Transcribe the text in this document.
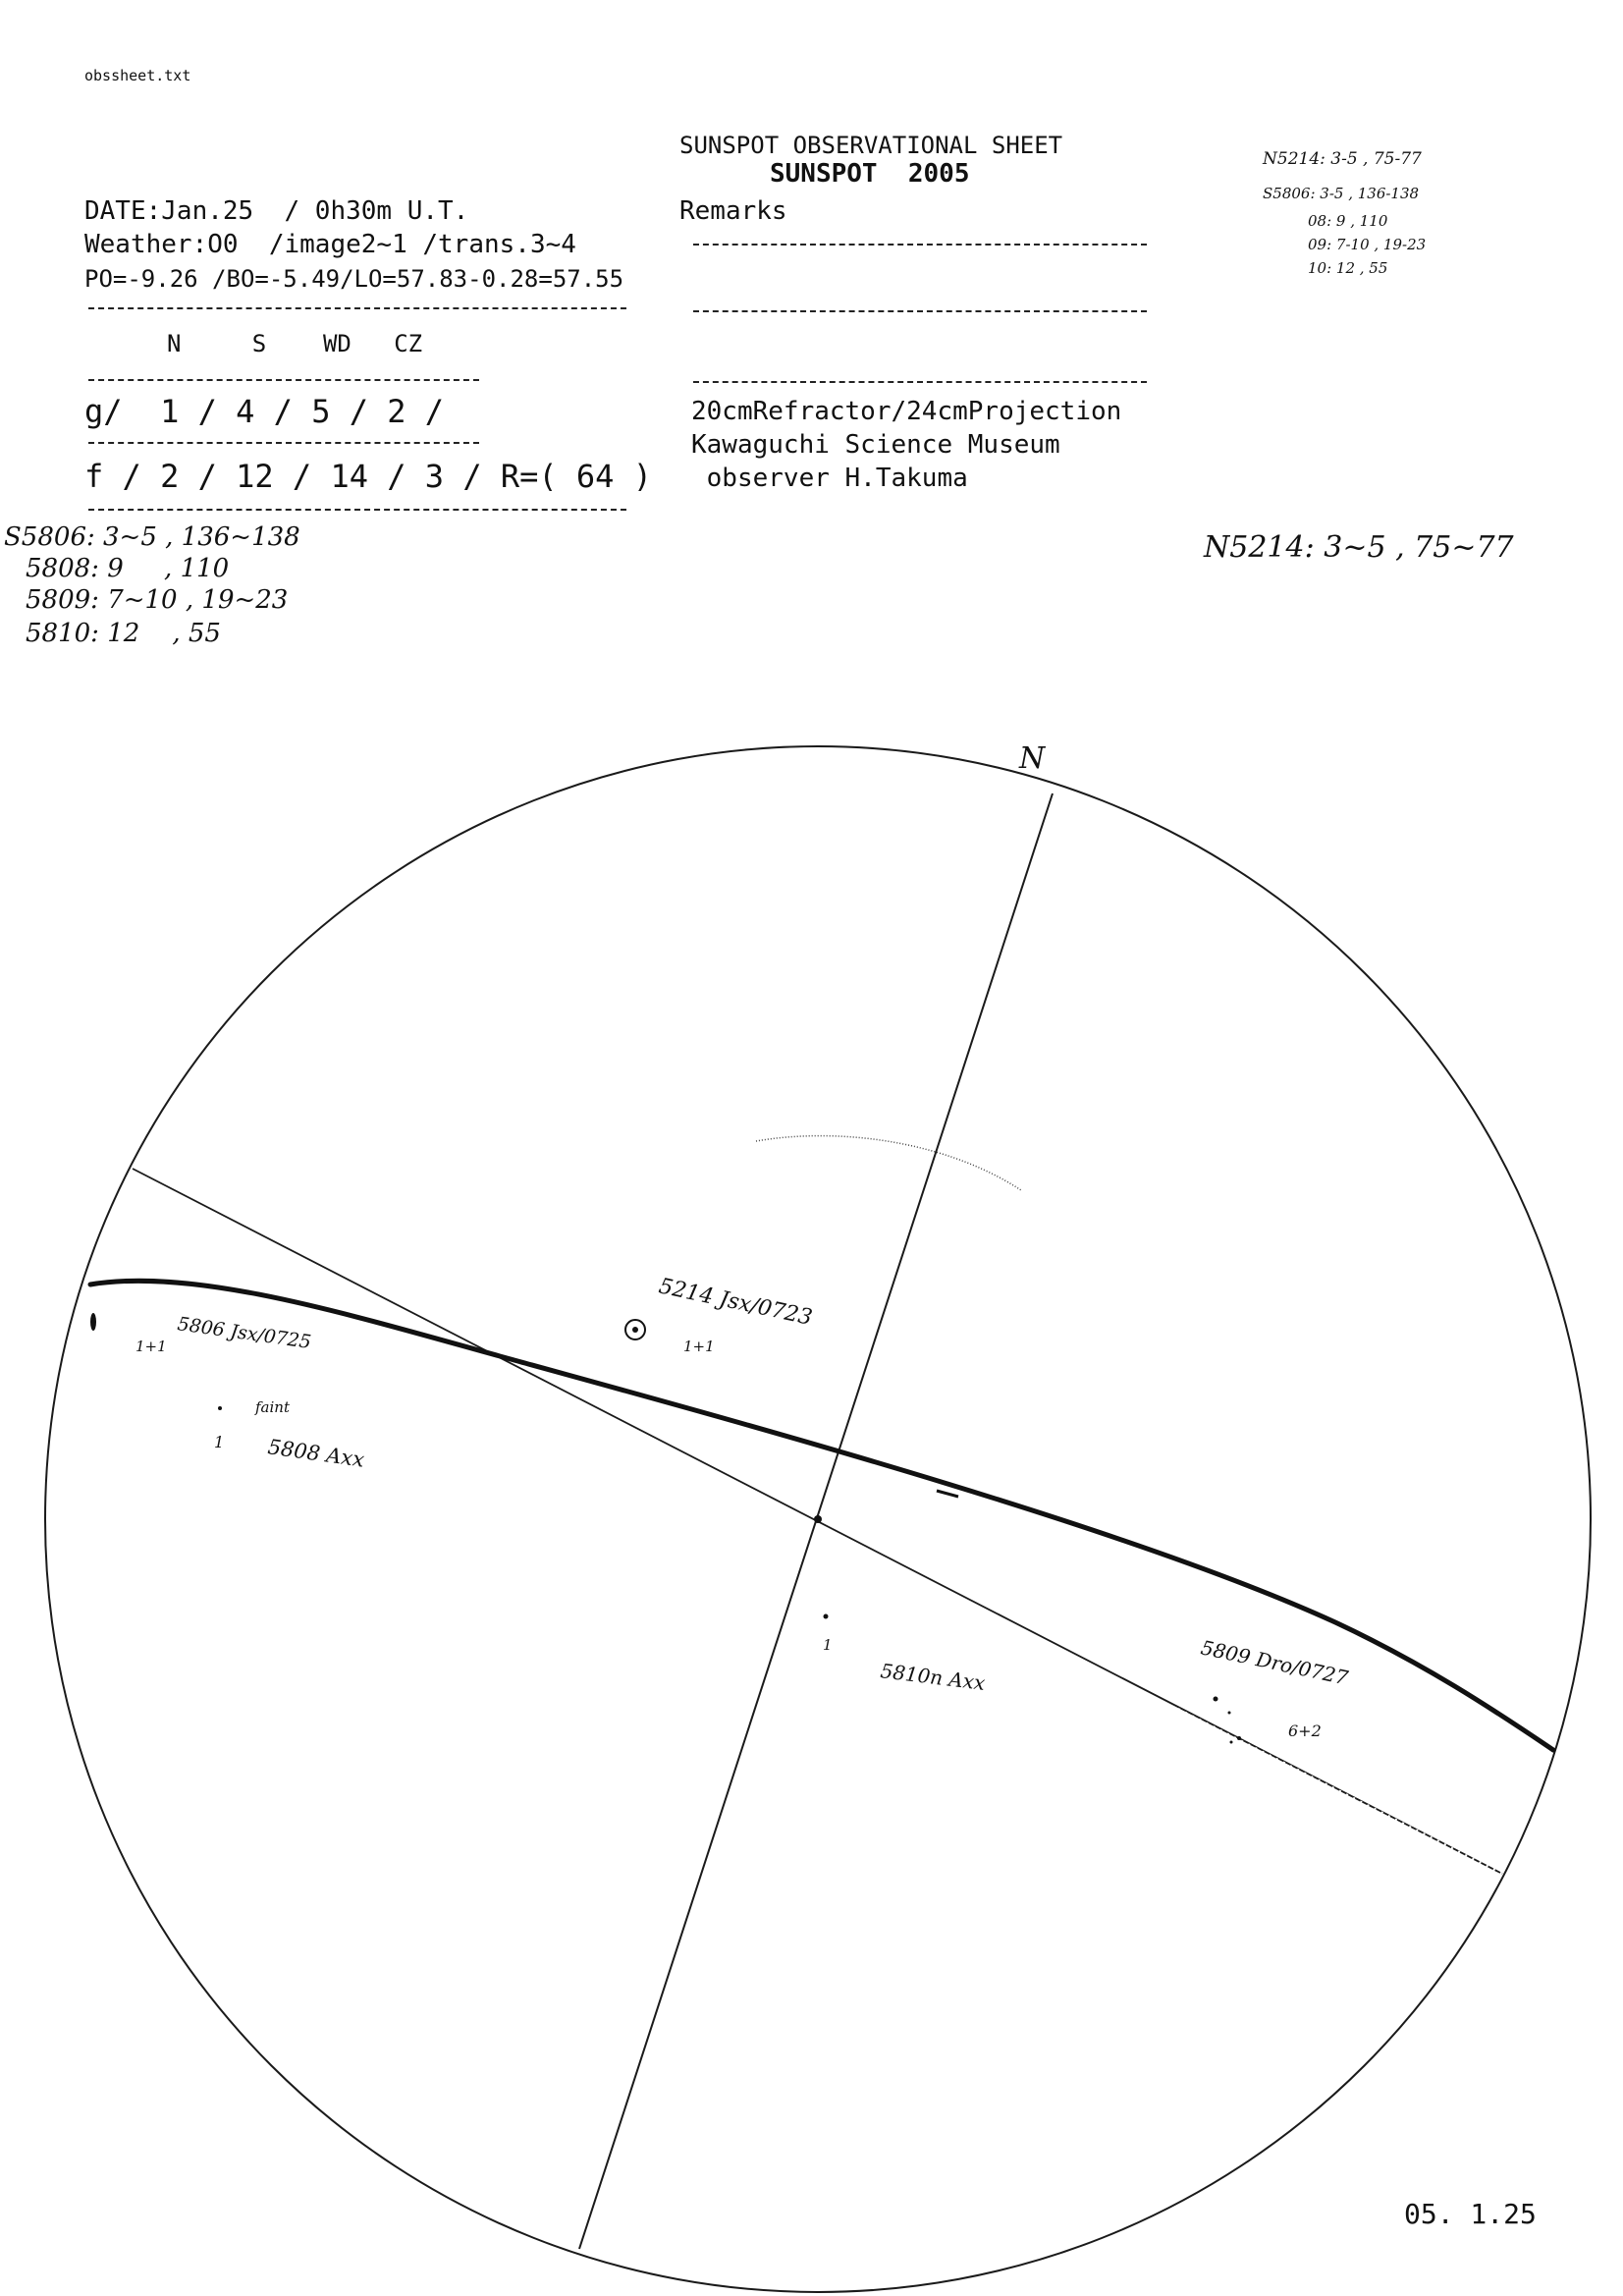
obssheet.txt
SUNSPOT OBSERVATIONAL SHEET
SUNSPOT  2005
Remarks
DATE:Jan.25  / 0h30m U.T.
Weather:O0  /image2~1 /trans.3~4
PO=-9.26 /BO=-5.49/LO=57.83-0.28=57.55
N     S    WD   CZ
g/  1 / 4 / 5 / 2 /
f / 2 / 12 / 14 / 3 / R=( 64 )
20cmRefractor/24cmProjection
Kawaguchi Science Museum
observer H.Takuma
N5214: 3-5 , 75-77
S5806: 3-5 , 136-138
08: 9 , 110
09: 7-10 , 19-23
10: 12 , 55
S5806: 3~5 , 136~138
5808: 9     , 110
5809: 7~10 , 19~23
5810: 12    , 55
N5214: 3~5 , 75~77
N
5806 Jsx/0725
1+1
5214 Jsx/0723
1+1
faint
1 5808 Axx
1
5810n Axx	5809 Dro/0727
6+2
05. 1.25
